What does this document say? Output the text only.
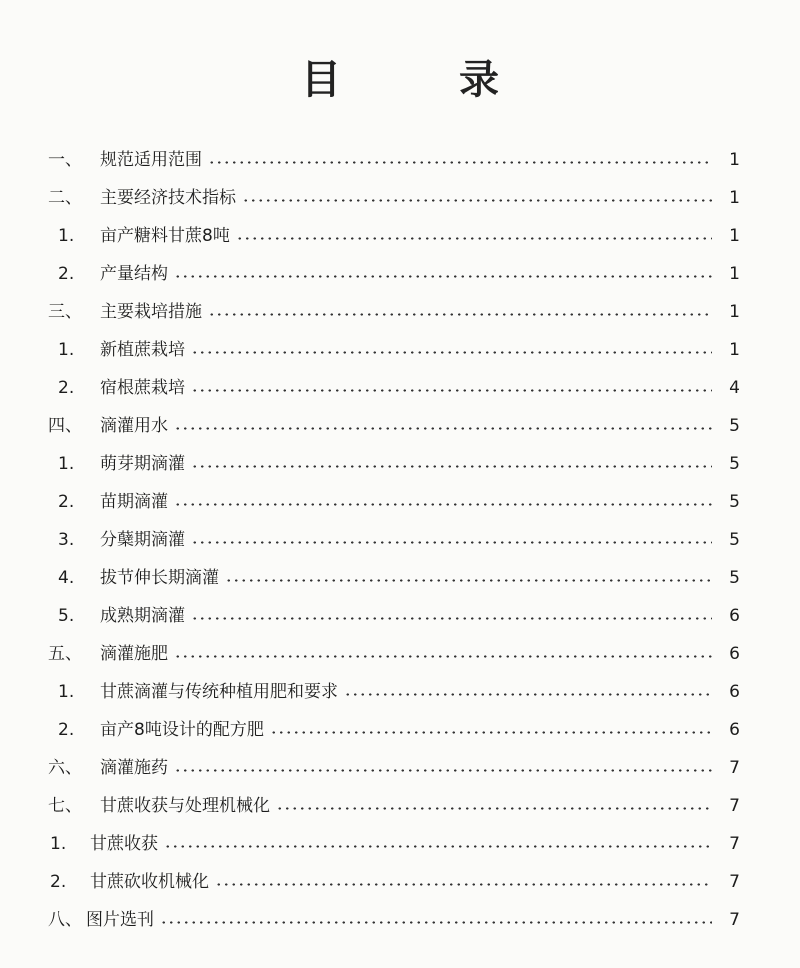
目	录
一、	规范适用范围	1
二、	主要经济技术指标	1
1.	亩产糖料甘蔗8吨	1
2.	产量结构	1
三、	主要栽培措施	1
1.	新植蔗栽培	1
2.	宿根蔗栽培	4
四、	滴灌用水	5
1.	萌芽期滴灌	5
2.	苗期滴灌	5
3.	分蘖期滴灌	5
4.	拔节伸长期滴灌	5
5.	成熟期滴灌	6
五、	滴灌施肥	6
1.	甘蔗滴灌与传统种植用肥和要求	6
2.	亩产8吨设计的配方肥	6
六、	滴灌施药	7
七、	甘蔗收获与处理机械化	7
1.	甘蔗收获	7
2.	甘蔗砍收机械化	7
八、 图片选刊	7
